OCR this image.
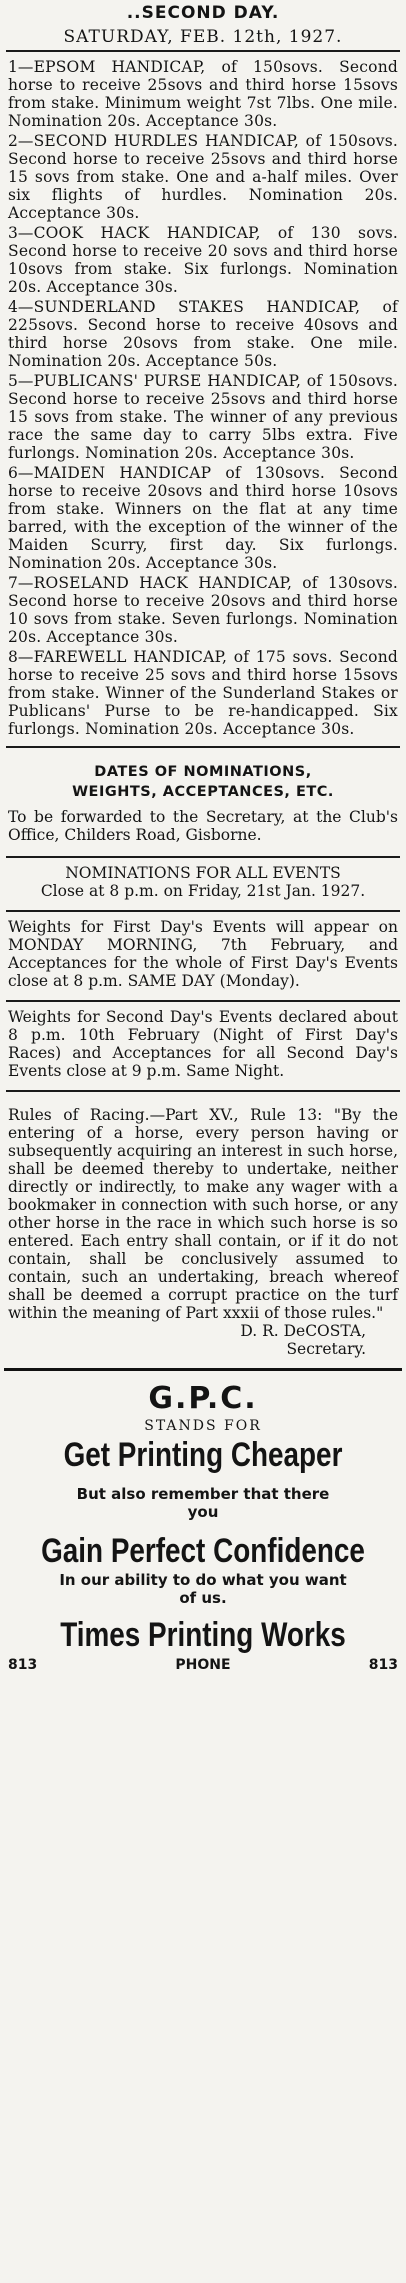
..SECOND DAY.
SATURDAY, FEB. 12th, 1927.
1—EPSOM HANDICAP, of 150sovs. Second horse to receive 25sovs and third horse 15sovs from stake. Minimum weight 7st 7lbs. One mile. Nomination 20s. Acceptance 30s.
2—SECOND HURDLES HANDICAP, of 150sovs. Second horse to receive 25sovs and third horse 15 sovs from stake. One and a-half miles. Over six flights of hurdles. Nomination 20s. Acceptance 30s.
3—COOK HACK HANDICAP, of 130 sovs. Second horse to receive 20 sovs and third horse 10sovs from stake. Six furlongs. Nomination 20s. Acceptance 30s.
4—SUNDERLAND STAKES HANDICAP, of 225sovs. Second horse to receive 40sovs and third horse 20sovs from stake. One mile. Nomination 20s. Acceptance 50s.
5—PUBLICANS' PURSE HANDICAP, of 150sovs. Second horse to receive 25sovs and third horse 15 sovs from stake. The winner of any previous race the same day to carry 5lbs extra. Five furlongs. Nomination 20s. Acceptance 30s.
6—MAIDEN HANDICAP of 130sovs. Second horse to receive 20sovs and third horse 10sovs from stake. Winners on the flat at any time barred, with the exception of the winner of the Maiden Scurry, first day. Six furlongs. Nomination 20s. Acceptance 30s.
7—ROSELAND HACK HANDICAP, of 130sovs. Second horse to receive 20sovs and third horse 10 sovs from stake. Seven furlongs. Nomination 20s. Acceptance 30s.
8—FAREWELL HANDICAP, of 175 sovs. Second horse to receive 25 sovs and third horse 15sovs from stake. Winner of the Sunderland Stakes or Publicans' Purse to be re-handicapped. Six furlongs. Nomination 20s. Acceptance 30s.
DATES OF NOMINATIONS,
WEIGHTS, ACCEPTANCES, ETC.
To be forwarded to the Secretary, at the Club's Office, Childers Road, Gisborne.
NOMINATIONS FOR ALL EVENTS
Close at 8 p.m. on Friday, 21st Jan. 1927.
Weights for First Day's Events will appear on MONDAY MORNING, 7th February, and Acceptances for the whole of First Day's Events close at 8 p.m. SAME DAY (Monday).
Weights for Second Day's Events declared about 8 p.m. 10th February (Night of First Day's Races) and Acceptances for all Second Day's Events close at 9 p.m. Same Night.
Rules of Racing.—Part XV., Rule 13: "By the entering of a horse, every person having or subsequently acquiring an interest in such horse, shall be deemed thereby to undertake, neither directly or indirectly, to make any wager with a bookmaker in connection with such horse, or any other horse in the race in which such horse is so entered. Each entry shall contain, or if it do not contain, shall be conclusively assumed to contain, such an undertaking, breach whereof shall be deemed a corrupt practice on the turf within the meaning of Part xxxii of those rules."
D. R. DeCOSTA,
Secretary.
G.P.C.
STANDS FOR
Get Printing Cheaper
But also remember that there you
Gain Perfect Confidence
In our ability to do what you want of us.
Times Printing Works
813	PHONE	813
